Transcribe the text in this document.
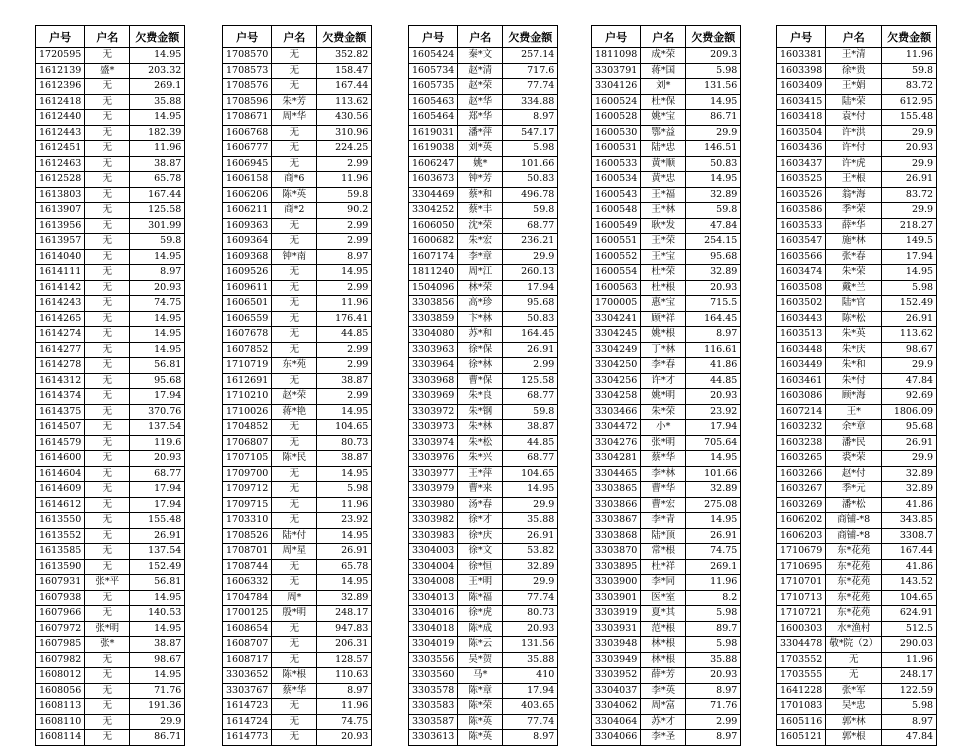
户号	户名	欠费金额
1720595	无	14.95
1612139	盛*	203.32
1612396	无	269.1
1612418	无	35.88
1612440	无	14.95
1612443	无	182.39
1612451	无	11.96
1612463	无	38.87
1612528	无	65.78
1613803	无	167.44
1613907	无	125.58
1613956	无	301.99
1613957	无	59.8
1614040	无	14.95
1614111	无	8.97
1614142	无	20.93
1614243	无	74.75
1614265	无	14.95
1614274	无	14.95
1614277	无	14.95
1614278	无	56.81
1614312	无	95.68
1614374	无	17.94
1614375	无	370.76
1614507	无	137.54
1614579	无	119.6
1614600	无	20.93
1614604	无	68.77
1614609	无	17.94
1614612	无	17.94
1613550	无	155.48
1613552	无	26.91
1613585	无	137.54
1613590	无	152.49
1607931	张*平	56.81
1607938	无	14.95
1607966	无	140.53
1607972	张*明	14.95
1607985	张*	38.87
1607982	无	98.67
1608012	无	14.95
1608056	无	71.76
1608113	无	191.36
1608110	无	29.9
1608114	无	86.71
户号	户名	欠费金额
1708570	无	352.82
1708573	无	158.47
1708576	无	167.44
1708596	朱*芳	113.62
1708671	周*华	430.56
1606768	无	310.96
1606777	无	224.25
1606945	无	2.99
1606158	商*6	11.96
1606206	陈*英	59.8
1606211	商*2	90.2
1609363	无	2.99
1609364	无	2.99
1609368	钟*南	8.97
1609526	无	14.95
1609611	无	2.99
1606501	无	11.96
1606559	无	176.41
1607678	无	44.85
1607852	无	2.99
1710719	东*苑	2.99
1612691	无	38.87
1710210	赵*荣	2.99
1710026	蒋*艳	14.95
1704852	无	104.65
1706807	无	80.73
1707105	陈*民	38.87
1709700	无	14.95
1709712	无	5.98
1709715	无	11.96
1703310	无	23.92
1708526	陆*付	14.95
1708701	周*星	26.91
1708744	无	65.78
1606332	无	14.95
1704784	周*	32.89
1700125	殷*明	248.17
1608654	无	947.83
1608707	无	206.31
1608717	无	128.57
3303652	陈*根	110.63
3303767	蔡*华	8.97
1614723	无	11.96
1614724	无	74.75
1614773	无	20.93
户号	户名	欠费金额
1605424	秦*文	257.14
1605734	赵*清	717.6
1605735	赵*荣	77.74
1605463	赵*华	334.88
1605464	郑*华	8.97
1619031	潘*萍	547.17
1619038	刘*英	5.98
1606247	姚*	101.66
1603673	钟*芳	50.83
3304469	蔡*和	496.78
3304252	蔡*丰	59.8
1606050	沈*荣	68.77
1600682	朱*宏	236.21
1607174	李*章	29.9
1811240	周*江	260.13
1504096	林*荣	17.94
3303856	高*珍	95.68
3303859	卞*林	50.83
3304080	苏*和	164.45
3303963	徐*保	26.91
3303964	徐*林	2.99
3303968	曹*保	125.58
3303969	朱*良	68.77
3303972	朱*钢	59.8
3303973	朱*林	38.87
3303974	朱*松	44.85
3303976	朱*兴	68.77
3303977	王*萍	104.65
3303979	曹*来	14.95
3303980	汤*春	29.9
3303982	徐*才	35.88
3303983	徐*庆	26.91
3304003	徐*文	53.82
3304004	徐*恒	32.89
3304008	王*明	29.9
3304013	陈*福	77.74
3304016	徐*虎	80.73
3304018	陈*成	20.93
3304019	陈*云	131.56
3303556	吴*贺	35.88
3303560	马*	410
3303578	陈*章	17.94
3303583	陈*荣	403.65
3303587	陈*英	77.74
3303613	陈*英	8.97
户号	户名	欠费金额
1811098	成*荣	209.3
3303791	蒋*国	5.98
3304126	刘*	131.56
1600524	杜*保	14.95
1600528	姚*宝	86.71
1600530	鄂*益	29.9
1600531	陆*忠	146.51
1600533	黄*顺	50.83
1600534	黄*忠	14.95
1600543	王*福	32.89
1600548	王*林	59.8
1600549	耿*发	47.84
1600551	王*荣	254.15
1600552	王*宝	95.68
1600554	杜*荣	32.89
1600563	杜*根	20.93
1700005	惠*宝	715.5
3304241	顾*祥	164.45
3304245	姚*根	8.97
3304249	丁*林	116.61
3304250	李*春	41.86
3304256	许*才	44.85
3304258	姚*明	20.93
3303466	朱*荣	23.92
3304472	小*	17.94
3304276	张*明	705.64
3304281	蔡*华	14.95
3304465	李*林	101.66
3303865	曹*华	32.89
3303866	曹*宏	275.08
3303867	李*青	14.95
3303868	陆*顶	26.91
3303870	常*根	74.75
3303895	杜*祥	269.1
3303900	李*同	11.96
3303901	医*室	8.2
3303919	夏*其	5.98
3303931	范*根	89.7
3303948	林*根	5.98
3303949	林*根	35.88
3303952	薛*芳	20.93
3304037	李*英	8.97
3304062	周*富	71.76
3304064	苏*才	2.99
3304066	李*圣	8.97
户号	户名	欠费金额
1603381	王*清	11.96
1603398	徐*贵	59.8
1603409	王*娟	83.72
1603415	陆*荣	612.95
1603418	袁*付	155.48
1603504	许*洪	29.9
1603436	许*付	20.93
1603437	许*虎	29.9
1603525	王*根	26.91
1603526	翁*海	83.72
1603586	季*荣	29.9
1603533	薛*华	218.27
1603547	施*林	149.5
1603566	张*春	17.94
1603474	朱*荣	14.95
1603508	戴*兰	5.98
1603502	陆*官	152.49
1603443	陈*松	26.91
1603513	朱*英	113.62
1603448	朱*庆	98.67
1603449	朱*和	29.9
1603461	朱*付	47.84
1603086	顾*海	92.69
1607214	王*	1806.09
1603232	余*章	95.68
1603238	潘*民	26.91
1603265	裘*荣	29.9
1603266	赵*付	32.89
1603267	季*元	32.89
1603269	潘*松	41.86
1606202	商铺-*8	343.85
1606203	商铺-*8	3308.7
1710679	东*花苑	167.44
1710695	东*花苑	41.86
1710701	东*花苑	143.52
1710713	东*花苑	104.65
1710721	东*花苑	624.91
1600303	水*渔村	512.5
3304478	敬*院（2）	290.03
1703552	无	11.96
1703555	无	248.17
1641228	张*军	122.59
1701083	吴*忠	5.98
1605116	郭*林	8.97
1605121	郭*根	47.84
